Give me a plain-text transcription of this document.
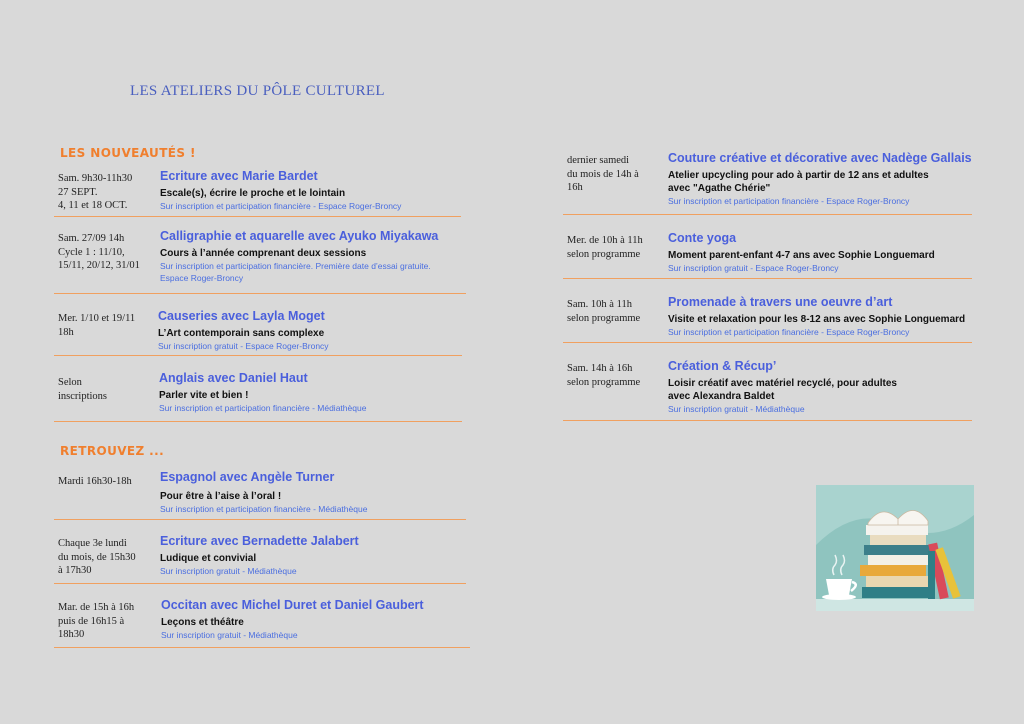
LES ATELIERS DU PÔLE CULTUREL
LES NOUVEAUTÉS !
RETROUVEZ ...
Sam. 9h30-11h30
27 SEPT.
4, 11 et 18 OCT.
Ecriture avec Marie Bardet
Escale(s), écrire le proche et le lointain
Sur inscription et participation financière - Espace Roger-Broncy
Sam. 27/09 14h
Cycle 1 : 11/10,
15/11, 20/12, 31/01
Calligraphie et aquarelle avec Ayuko Miyakawa
Cours à l’année comprenant deux sessions
Sur inscription et participation financière. Première date d’essai gratuite.
Espace Roger-Broncy
Mer. 1/10 et 19/11
18h
Causeries avec Layla Moget
L’Art contemporain sans complexe
Sur inscription gratuit - Espace Roger-Broncy
Selon
inscriptions
Anglais avec Daniel Haut
Parler vite et bien !
Sur inscription et participation financière - Médiathèque
Mardi 16h30-18h Espagnol avec Angèle Turner
Pour être à l’aise à l’oral !
Sur inscription et participation financière - Médiathèque
Chaque 3e lundi
du mois, de 15h30
à 17h30
Ecriture avec Bernadette Jalabert
Ludique et convivial
Sur inscription gratuit - Médiathèque
Mar. de 15h à 16h
puis de 16h15 à
18h30
Occitan avec Michel Duret et Daniel Gaubert
Leçons et théâtre
Sur inscription gratuit - Médiathèque
dernier samedi
du mois de 14h à
16h
Couture créative et décorative avec Nadège Gallais
Atelier upcycling pour ado à partir de 12 ans et adultes
avec "Agathe Chérie"
Sur inscription et participation financière - Espace Roger-Broncy
Mer. de 10h à 11h
selon programme
Conte yoga
Moment parent-enfant 4-7 ans avec Sophie Longuemard
Sur inscription gratuit - Espace Roger-Broncy
Sam. 10h à 11h
selon programme
Promenade à travers une oeuvre d’art
Visite et relaxation pour les 8-12 ans avec Sophie Longuemard
Sur inscription et participation financière - Espace Roger-Broncy
Sam. 14h à 16h
selon programme
Création & Récup’
Loisir créatif avec matériel recyclé, pour adultes
avec Alexandra Baldet
Sur inscription gratuit - Médiathèque
